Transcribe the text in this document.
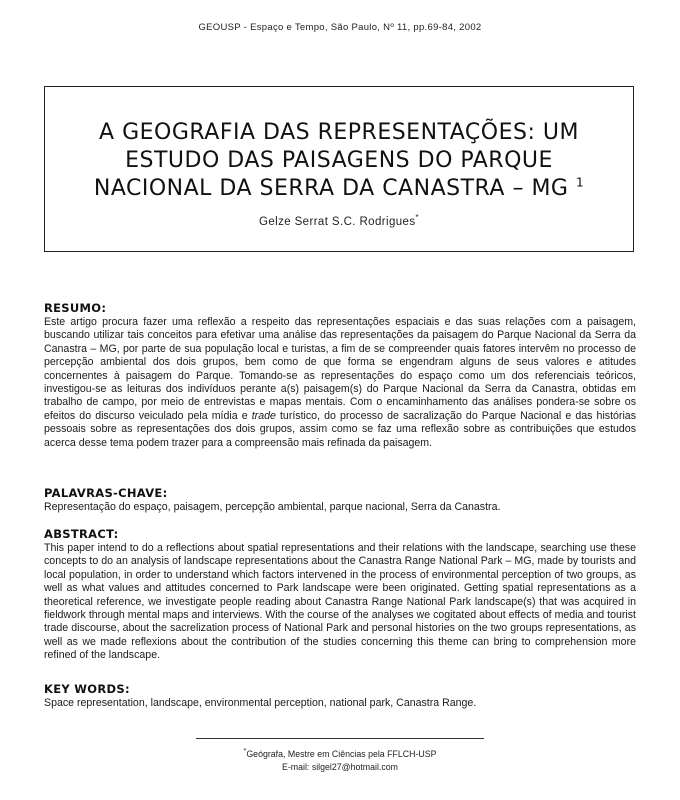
GEOUSP - Espaço e Tempo, São Paulo, Nº 11, pp.69-84, 2002
A GEOGRAFIA DAS REPRESENTAÇÕES: UM
ESTUDO DAS PAISAGENS DO PARQUE
NACIONAL DA SERRA DA CANASTRA – MG $^1$
Gelze Serrat S.C. Rodrigues*
RESUMO:

Este artigo procura fazer uma reflexão a respeito das representações espaciais e das suas relações com a paisagem, buscando utilizar tais conceitos para efetivar uma análise das representações da paisagem do Parque Nacional da Serra da Canastra – MG, por parte de sua população local e turistas, a fim de se compreender quais fatores intervêm no processo de percepção ambiental dos dois grupos, bem como de que forma se engendram alguns de seus valores e atitudes concernentes à paisagem do Parque. Tomando-se as representações do espaço como um dos referenciais teóricos, investigou-se as leituras dos indivíduos perante a(s) paisagem(s) do Parque Nacional da Serra da Canastra, obtidas em trabalho de campo, por meio de entrevistas e mapas mentais. Com o encaminhamento das análises pondera-se sobre os efeitos do discurso veiculado pela mídia e trade turístico, do processo de sacralização do Parque Nacional e das histórias pessoais sobre as representações dos dois grupos, assim como se faz uma reflexão sobre as contribuições que estudos acerca desse tema podem trazer para a compreensão mais refinada da paisagem.

PALAVRAS-CHAVE:

Representação do espaço, paisagem, percepção ambiental, parque nacional, Serra da Canastra.

ABSTRACT:

This paper intend to do a reflections about spatial representations and their relations with the landscape, searching use these concepts to do an analysis of landscape representations about the Canastra Range National Park – MG, made by tourists and local population, in order to understand which factors intervened in the process of environmental perception of two groups, as well as what values and attitudes concerned to Park landscape were been originated. Getting spatial representations as a theoretical reference, we investigate people reading about Canastra Range National Park landscape(s) that was acquired in fieldwork through mental maps and interviews. With the course of the analyses we cogitated about effects of media and tourist trade discourse, about the sacrelization process of National Park and personal histories on the two groups representations, as well as we made reflexions about the contribution of the studies concerning this theme can bring to comprehension more refined of the landscape.

KEY WORDS:

Space representation, landscape, environmental perception, national park, Canastra Range.

*Geógrafa, Mestre em Ciências pela FFLCH-USP
E-mail: silgel27@hotmail.com
